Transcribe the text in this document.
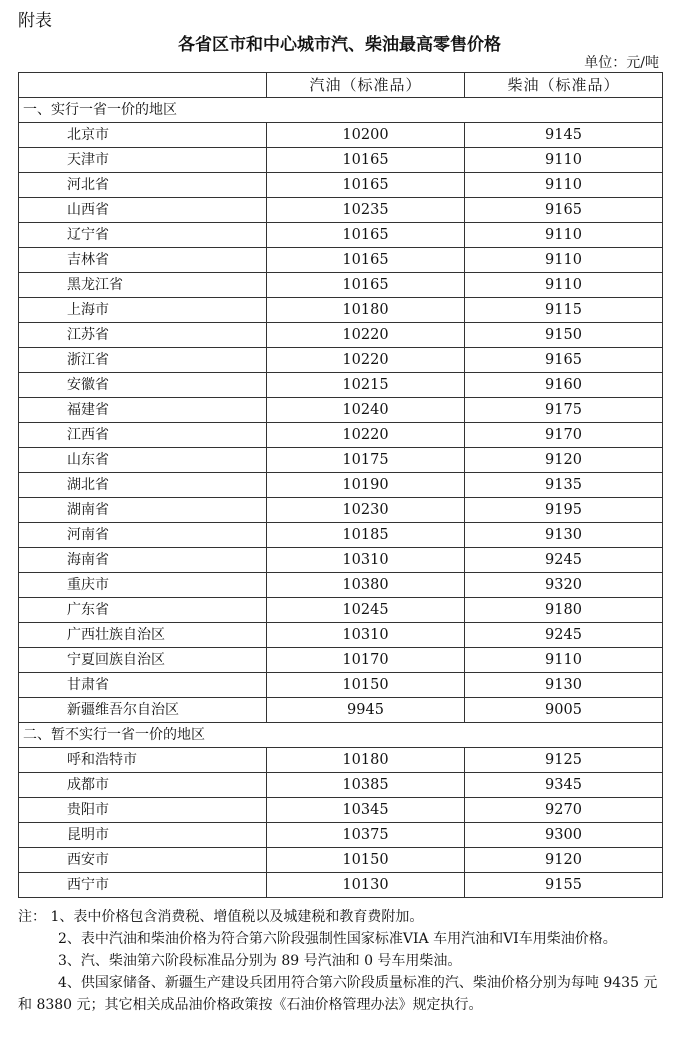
附表
各省区市和中心城市汽、柴油最高零售价格
单位：元/吨
	汽油（标准品）	柴油（标准品）
一、实行一省一价的地区		
北京市	10200	9145
天津市	10165	9110
河北省	10165	9110
山西省	10235	9165
辽宁省	10165	9110
吉林省	10165	9110
黑龙江省	10165	9110
上海市	10180	9115
江苏省	10220	9150
浙江省	10220	9165
安徽省	10215	9160
福建省	10240	9175
江西省	10220	9170
山东省	10175	9120
湖北省	10190	9135
湖南省	10230	9195
河南省	10185	9130
海南省	10310	9245
重庆市	10380	9320
广东省	10245	9180
广西壮族自治区	10310	9245
宁夏回族自治区	10170	9110
甘肃省	10150	9130
新疆维吾尔自治区	9945	9005
二、暂不实行一省一价的地区		
呼和浩特市	10180	9125
成都市	10385	9345
贵阳市	10345	9270
昆明市	10375	9300
西安市	10150	9120
西宁市	10130	9155

注： 1、表中价格包含消费税、增值税以及城建税和教育费附加。

2、表中汽油和柴油价格为符合第六阶段强制性国家标准VIA 车用汽油和VI车用柴油价格。

3、汽、柴油第六阶段标准品分别为 89 号汽油和 0 号车用柴油。

4、供国家储备、新疆生产建设兵团用符合第六阶段质量标准的汽、柴油价格分别为每吨 9435 元和 8380 元；其它相关成品油价格政策按《石油价格管理办法》规定执行。
